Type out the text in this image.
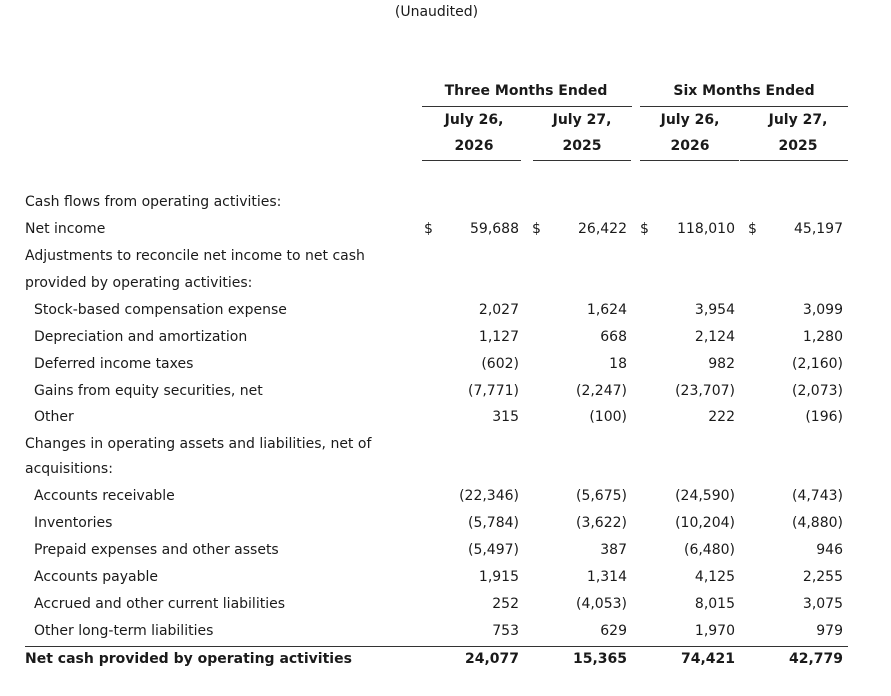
(Unaudited)
Three Months Ended	Six Months Ended
July 26,
2026
July 27,
2025
July 26,
2026
July 27,
2025
Cash flows from operating activities:
Net income	$	59,688 $	26,422 $	118,010 $	45,197
Adjustments to reconcile net income to net cash
provided by operating activities:
Stock-based compensation expense	2,027	1,624	3,954	3,099
Depreciation and amortization	1,127	668	2,124	1,280
Deferred income taxes	(602)	18	982	(2,160)
Gains from equity securities, net	(7,771)	(2,247)	(23,707)	(2,073)
Other	315	(100)	222	(196)
Changes in operating assets and liabilities, net of
acquisitions:
Accounts receivable	(22,346)	(5,675)	(24,590)	(4,743)
Inventories	(5,784)	(3,622)	(10,204)	(4,880)
Prepaid expenses and other assets	(5,497)	387	(6,480)	946
Accounts payable	1,915	1,314	4,125	2,255
Accrued and other current liabilities	252	(4,053)	8,015	3,075
Other long-term liabilities	753	629	1,970	979
Net cash provided by operating activities	24,077	15,365	74,421	42,779
